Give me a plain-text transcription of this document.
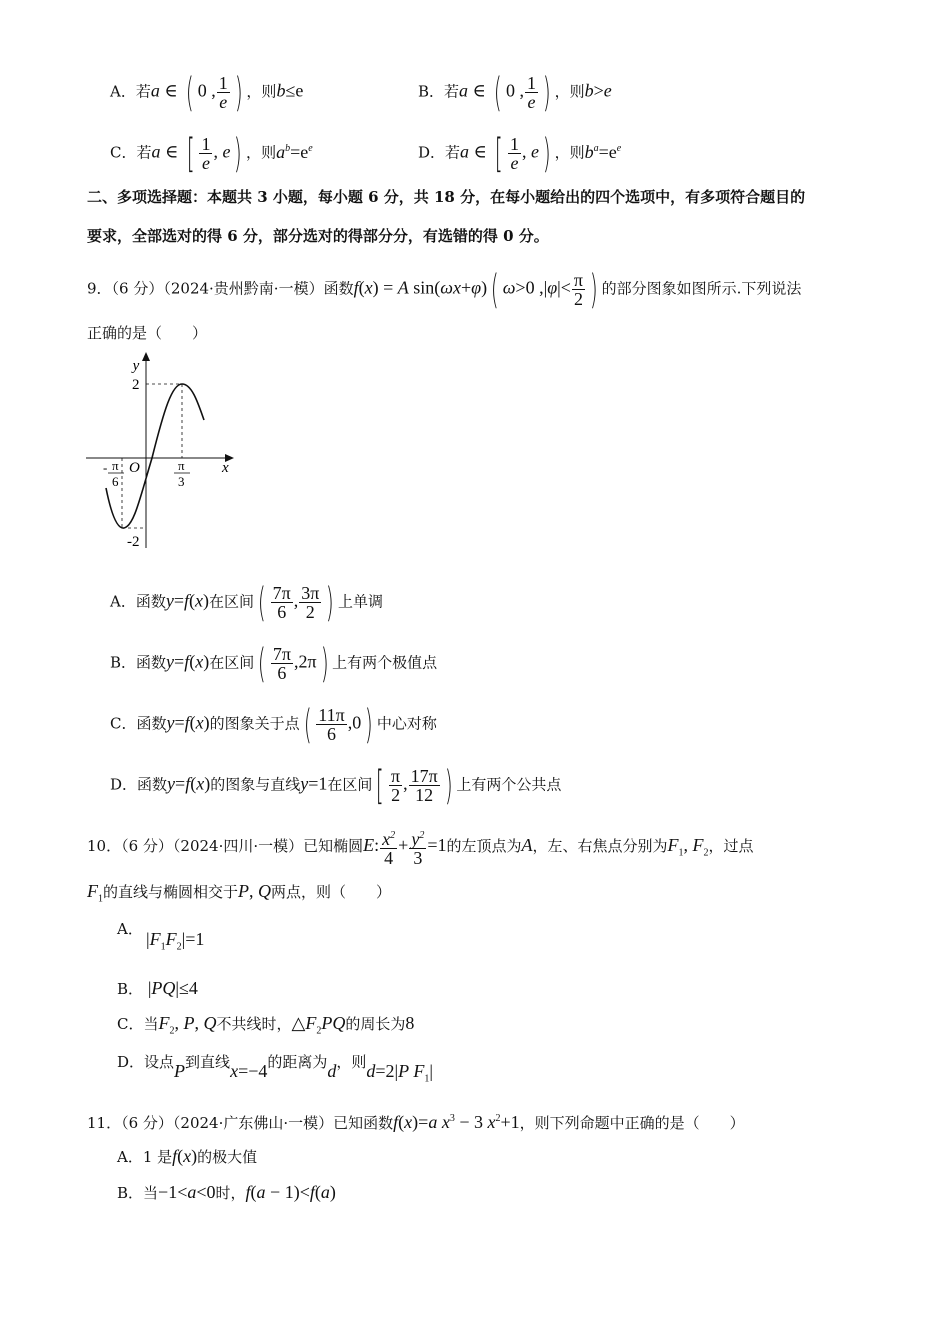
A．若a ∈ ( 0 , $\frac{1}{e}$ ) ，则b≤e	B．若a ∈ ( 0 , $\frac{1}{e}$ ) ，则b>e
C．若a ∈ [ $\frac{1}{e}$ , e) ，则$a^b=e^e$	D．若a ∈ [ $\frac{1}{e}$ , e) ，则$b^a=e^e$
二、多项选择题：本题共 3 小题，每小题 6 分，共 18 分，在每小题给出的四个选项中，有多项符合题目的
要求，全部选对的得 6 分，部分选对的得部分分，有选错的得 0 分。
9．（6 分）（2024·贵州黔南·一模）函数f(x) = A sin(ωx+φ)( ω>0 $,|\varphi|< \frac{\pi}{2}$ ) 的部分图象如图所示.下列说法
正确的是（　　）
y
x
O
2
-2
- π
6
π
3
A．函数y=f(x)在区间( $\frac{7\pi}{6}$ , $\frac{3\pi}{2}$ ) 上单调
B．函数y=f(x)在区间( $\frac{7\pi}{6} ,2\pi$) 上有两个极值点
C．函数y=f(x)的图象关于点( $\frac{11\pi}{6} ,0$) 中心对称
D．函数y=f(x)的图象与直线y=1在区间[ $\frac{\pi}{2}$ , $\frac{17\pi}{12}$ ) 上有两个公共点
10．（6 分）（2024·四川·一模）已知椭圆E: $\frac{x^2}{4} + \frac{y^2}{3} =1$的左顶点为A，左、右焦点分别为$F_1$, $F_2$，过点
$F_1$的直线与椭圆相交于P, Q两点，则（　　）
A． $|F_1F_2|=1$
B． |PQ|≤4
C．当$F_2$, P, Q不共线时，$\triangle F_2PQ$的周长为8
D．设点P到直线x=−4的距离为d，则d=2|P $F_1|$
11．（6 分）（2024·广东佛山·一模）已知函数f(x)=a $x^3 - 3$ $x^2+1$，则下列命题中正确的是（　　）
A．1 是f(x)的极大值
B．当−1<a<0时，f(a − 1)<f(a)
